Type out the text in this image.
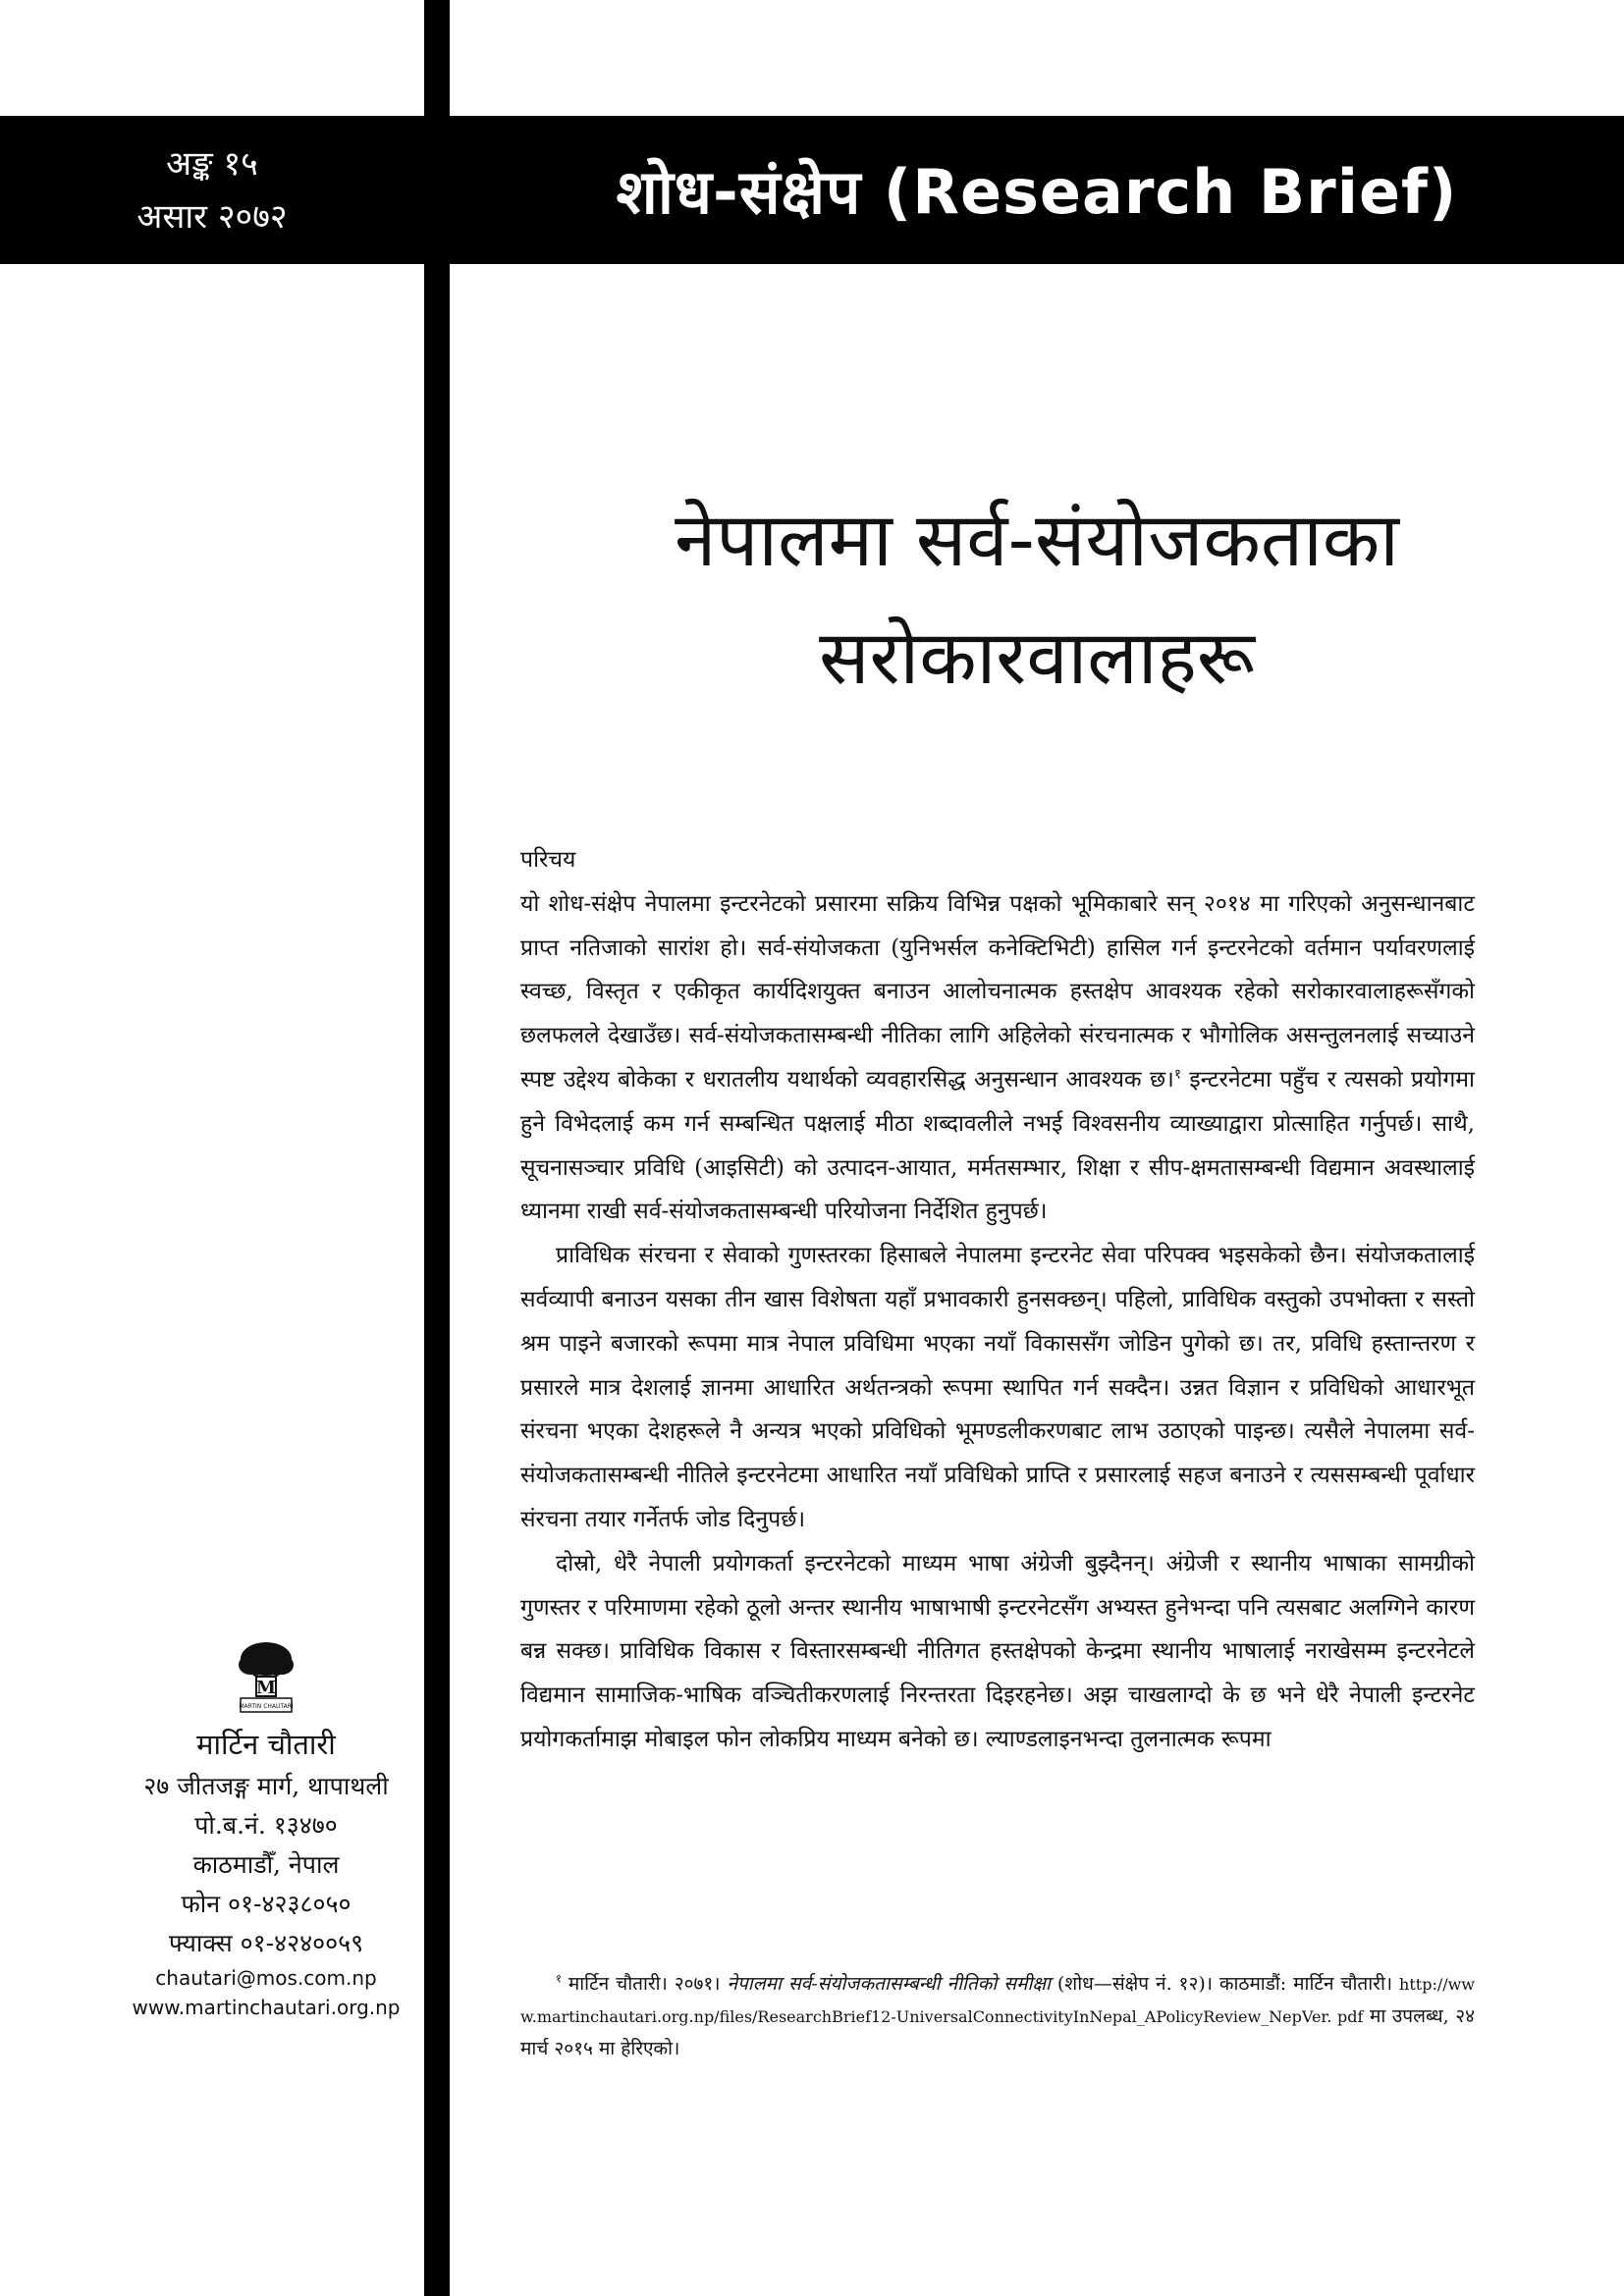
अङ्क १५
असार २०७२	शोध-संक्षेप (Research Brief)
नेपालमा सर्व-संयोजकताका
सरोकारवालाहरू
परिचय

यो शोध-संक्षेप नेपालमा इन्टरनेटको प्रसारमा सक्रिय विभिन्न पक्षको भूमिकाबारे सन् २०१४ मा गरिएको अनुसन्धानबाट प्राप्त नतिजाको सारांश हो। सर्व-संयोजकता (युनिभर्सल कनेक्टिभिटी) हासिल गर्न इन्टरनेटको वर्तमान पर्यावरणलाई स्वच्छ, विस्तृत र एकीकृत कार्यदिशयुक्त बनाउन आलोचनात्मक हस्तक्षेप आवश्यक रहेको सरोकारवालाहरूसँगको छलफलले देखाउँछ। सर्व-संयोजकतासम्बन्धी नीतिका लागि अहिलेको संरचनात्मक र भौगोलिक असन्तुलनलाई सच्याउने स्पष्ट उद्देश्य बोकेका र धरातलीय यथार्थको व्यवहारसिद्ध अनुसन्धान आवश्यक छ।$^१$ इन्टरनेटमा पहुँच र त्यसको प्रयोगमा हुने विभेदलाई कम गर्न सम्बन्धित पक्षलाई मीठा शब्दावलीले नभई विश्वसनीय व्याख्याद्वारा प्रोत्साहित गर्नुपर्छ। साथै, सूचनासञ्चार प्रविधि (आइसिटी) को उत्पादन-आयात, मर्मतसम्भार, शिक्षा र सीप-क्षमतासम्बन्धी विद्यमान अवस्थालाई ध्यानमा राखी सर्व-संयोजकतासम्बन्धी परियोजना निर्देशित हुनुपर्छ।

प्राविधिक संरचना र सेवाको गुणस्तरका हिसाबले नेपालमा इन्टरनेट सेवा परिपक्व भइसकेको छैन। संयोजकतालाई सर्वव्यापी बनाउन यसका तीन खास विशेषता यहाँ प्रभावकारी हुनसक्छन्। पहिलो, प्राविधिक वस्तुको उपभोक्ता र सस्तो श्रम पाइने बजारको रूपमा मात्र नेपाल प्रविधिमा भएका नयाँ विकाससँग जोडिन पुगेको छ। तर, प्रविधि हस्तान्तरण र प्रसारले मात्र देशलाई ज्ञानमा आधारित अर्थतन्त्रको रूपमा स्थापित गर्न सक्दैन। उन्नत विज्ञान र प्रविधिको आधारभूत संरचना भएका देशहरूले नै अन्यत्र भएको प्रविधिको भूमण्डलीकरणबाट लाभ उठाएको पाइन्छ। त्यसैले नेपालमा सर्व-संयोजकतासम्बन्धी नीतिले इन्टरनेटमा आधारित नयाँ प्रविधिको प्राप्ति र प्रसारलाई सहज बनाउने र त्यससम्बन्धी पूर्वाधार संरचना तयार गर्नेतर्फ जोड दिनुपर्छ।

दोस्रो, धेरै नेपाली प्रयोगकर्ता इन्टरनेटको माध्यम भाषा अंग्रेजी बुझ्दैनन्। अंग्रेजी र स्थानीय भाषाका सामग्रीको गुणस्तर र परिमाणमा रहेको ठूलो अन्तर स्थानीय भाषाभाषी इन्टरनेटसँग अभ्यस्त हुनेभन्दा पनि त्यसबाट अलग्गिने कारण बन्न सक्छ। प्राविधिक विकास र विस्तारसम्बन्धी नीतिगत हस्तक्षेपको केन्द्रमा स्थानीय भाषालाई नराखेसम्म इन्टरनेटले विद्यमान सामाजिक-भाषिक वञ्चितीकरणलाई निरन्तरता दिइरहनेछ। अझ चाखलाग्दो के छ भने धेरै नेपाली इन्टरनेट प्रयोगकर्तामाझ मोबाइल फोन लोकप्रिय माध्यम बनेको छ। ल्याण्डलाइनभन्दा तुलनात्मक रूपमा

$^१$ मार्टिन चौतारी। २०७१। नेपालमा सर्व-संयोजकतासम्बन्धी नीतिको समीक्षा (शोध—संक्षेप नं. १२)। काठमाडौं: मार्टिन चौतारी। http://www.martinchautari.org.np/files/ResearchBrief12-UniversalConnectivityInNepal_APolicyReview_NepVer. pdf मा उपलब्ध, २४ मार्च २०१५ मा हेरिएको।
M
MARTIN CHAUTARI
मार्टिन चौतारी
२७ जीतजङ्ग मार्ग, थापाथली
पो.ब.नं. १३४७०
काठमाडौँ, नेपाल
फोन ०१-४२३८०५०
फ्याक्स ०१-४२४००५९
chautari@mos.com.np
www.martinchautari.org.np
